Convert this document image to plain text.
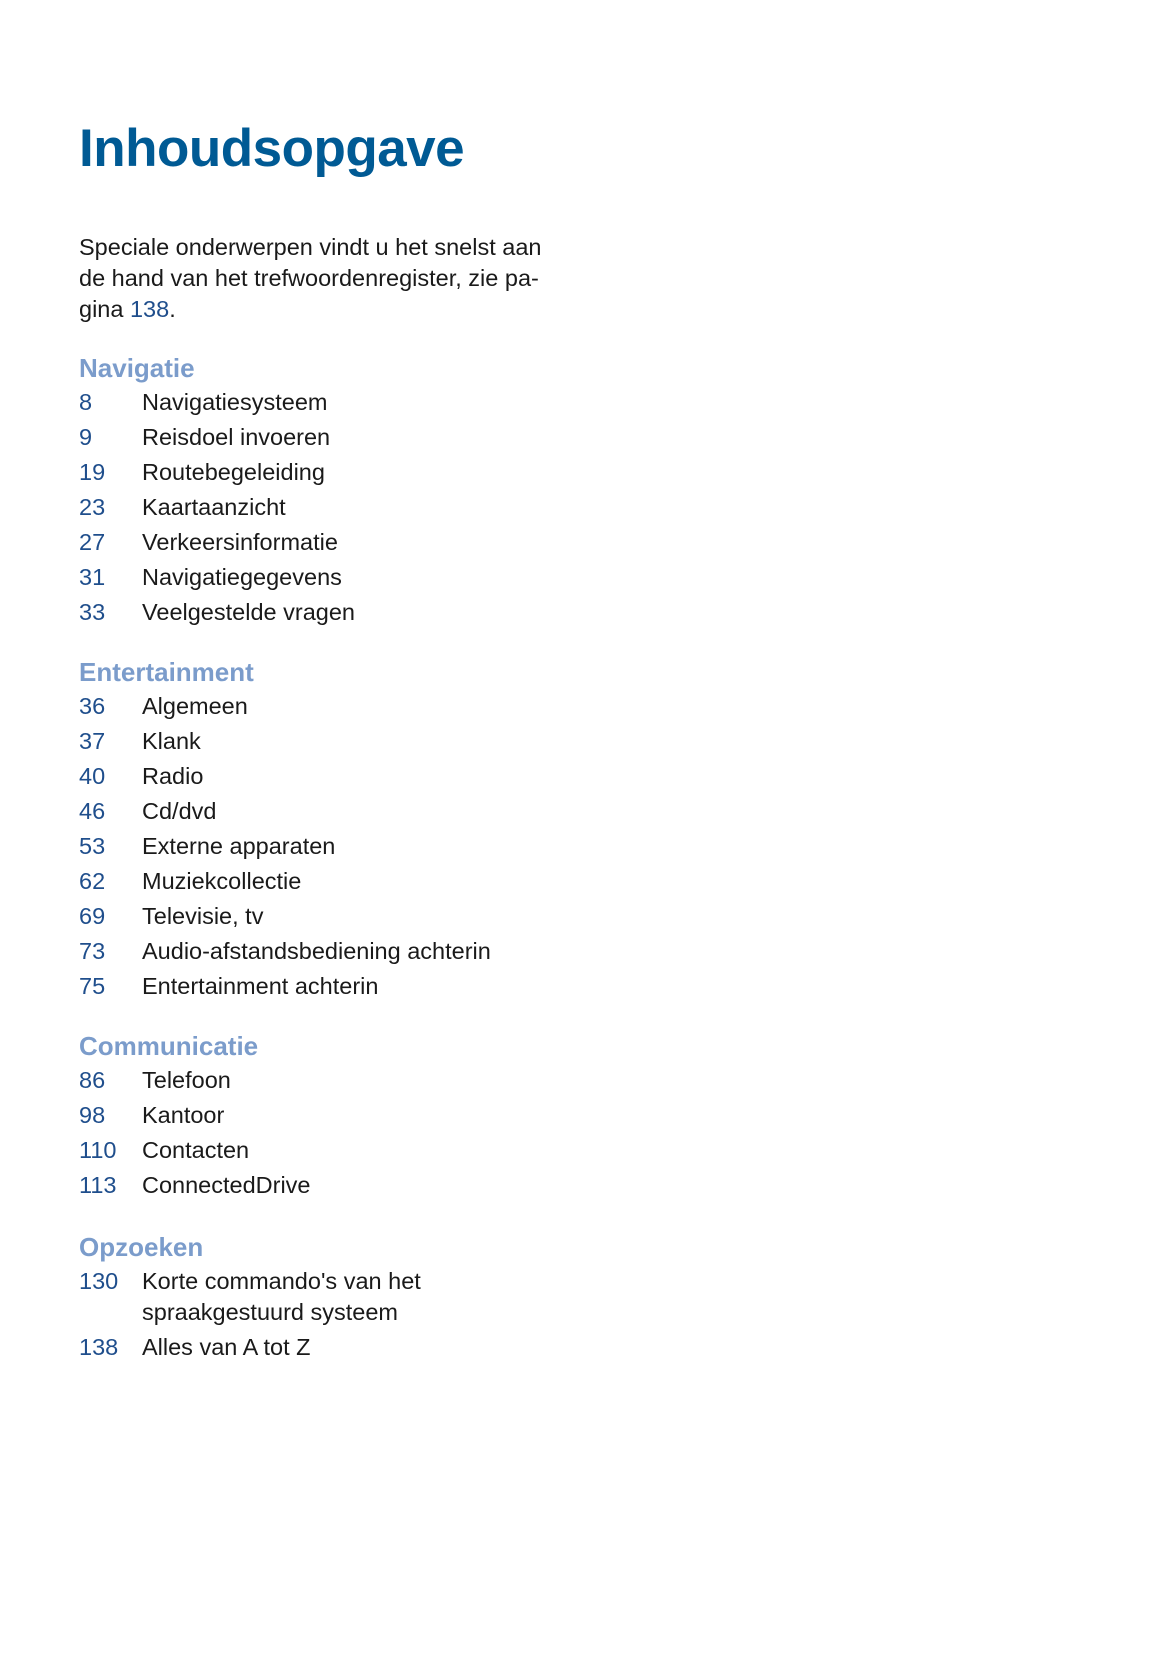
Inhoudsopgave

Speciale onderwerpen vindt u het snelst aan
de hand van het trefwoordenregister, zie pa-
gina 138.

Navigatie
8	Navigatiesysteem
9	Reisdoel invoeren
19	Routebegeleiding
23	Kaartaanzicht
27	Verkeersinformatie
31	Navigatiegegevens
33	Veelgestelde vragen
Entertainment
36	Algemeen
37	Klank
40	Radio
46	Cd/dvd
53	Externe apparaten
62	Muziekcollectie
69	Televisie, tv
73	Audio-afstandsbediening achterin
75	Entertainment achterin
Communicatie
86	Telefoon
98	Kantoor
110	Contacten
113	ConnectedDrive
Opzoeken
130	Korte commando's van het
spraakgestuurd systeem
138	Alles van A tot Z
